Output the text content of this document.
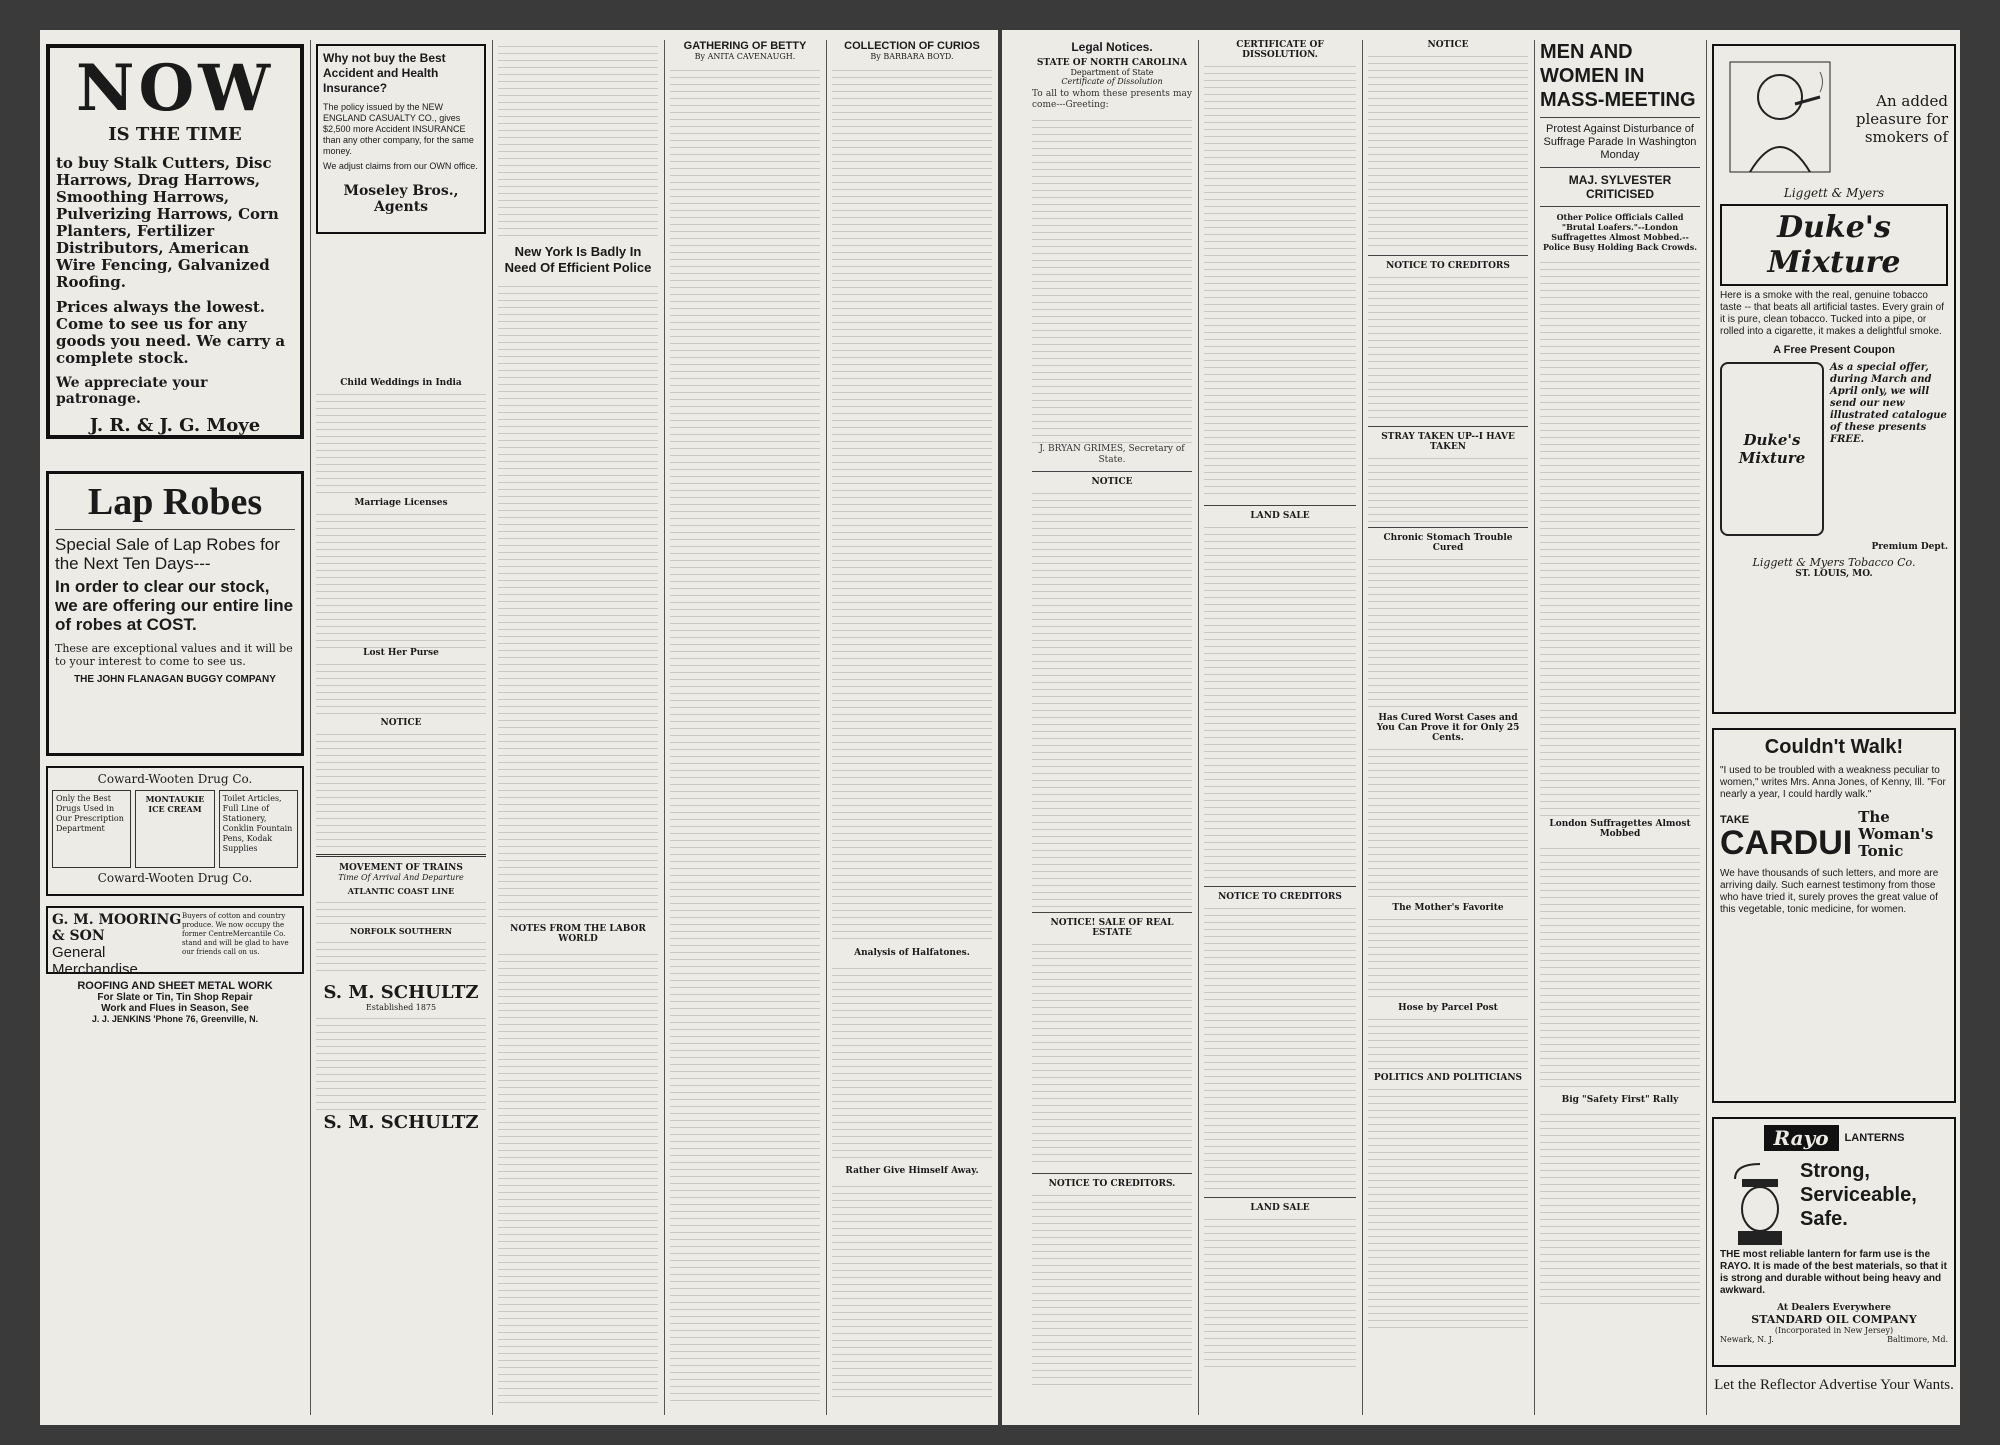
NOW
IS THE TIME

to buy Stalk Cutters, Disc Harrows, Drag Harrows, Smoothing Harrows, Pulverizing Harrows, Corn Planters, Fertilizer Distributors, American Wire Fencing, Galvanized Roofing.

Prices always the lowest. Come to see us for any goods you need. We carry a complete stock.

We appreciate your patronage.

J. R. & J. G. Moye

Lap Robes

Special Sale of Lap Robes for the Next Ten Days---

In order to clear our stock, we are offering our entire line of robes at COST.

These are exceptional values and it will be to your interest to come to see us.

THE JOHN FLANAGAN BUGGY COMPANY

Coward-Wooten Drug Co.
Only the Best Drugs Used in Our Prescription Department
MONTAUKIE ICE CREAM
Toilet Articles, Full Line of Stationery, Conklin Fountain Pens, Kodak Supplies
Coward-Wooten Drug Co.
G. M. MOORING & SON
General Merchandise
Buyers of cotton and country produce. We now occupy the former CentreMercantile Co. stand and will be glad to have our friends call on us.
ROOFING AND SHEET METAL WORK
For Slate or Tin, Tin Shop Repair
Work and Flues in Season, See
J. J. JENKINS 'Phone 76, Greenville, N.

Why not buy the Best Accident and Health Insurance?

The policy issued by the NEW ENGLAND CASUALTY CO., gives $2,500 more Accident INSURANCE than any other company, for the same money.

We adjust claims from our OWN office.

Moseley Bros., Agents

Child Weddings in India
Marriage Licenses
Lost Her Purse
NOTICE
MOVEMENT OF TRAINS
Time Of Arrival And Departure
ATLANTIC COAST LINE
NORFOLK SOUTHERN
S. M. SCHULTZ
Established 1875
S. M. SCHULTZ
New York Is Badly In Need Of Efficient Police
NOTES FROM THE LABOR WORLD
GATHERING OF BETTY
By ANITA CAVENAUGH.
COLLECTION OF CURIOS
By BARBARA BOYD.
Analysis of Halfatones.
Rather Give Himself Away.
Legal Notices.
STATE OF NORTH CAROLINA
Department of State
Certificate of Dissolution
To all to whom these presents may come---Greeting:
J. BRYAN GRIMES, Secretary of State.
NOTICE
NOTICE! SALE OF REAL ESTATE
NOTICE TO CREDITORS.
CERTIFICATE OF DISSOLUTION.
LAND SALE
NOTICE TO CREDITORS
LAND SALE
NOTICE
NOTICE TO CREDITORS
STRAY TAKEN UP--I HAVE TAKEN
Chronic Stomach Trouble Cured
Has Cured Worst Cases and You Can Prove it for Only 25 Cents.
The Mother's Favorite
Hose by Parcel Post
POLITICS AND POLITICIANS
MEN AND WOMEN IN MASS-MEETING
Protest Against Disturbance of Suffrage Parade In Washington Monday
MAJ. SYLVESTER CRITICISED
Other Police Officials Called "Brutal Loafers."--London Suffragettes Almost Mobbed.--Police Busy Holding Back Crowds.
London Suffragettes Almost Mobbed
Big "Safety First" Rally
An added pleasure for smokers of
Liggett & Myers
Duke's Mixture

Here is a smoke with the real, genuine tobacco taste -- that beats all artificial tastes. Every grain of it is pure, clean tobacco. Tucked into a pipe, or rolled into a cigarette, it makes a delightful smoke.

A Free Present Coupon
Duke's Mixture
As a special offer, during March and April only, we will send our new illustrated catalogue of these presents FREE.
Premium Dept.
Liggett & Myers Tobacco Co.
ST. LOUIS, MO.
Couldn't Walk!

"I used to be troubled with a weakness peculiar to women," writes Mrs. Anna Jones, of Kenny, Ill. "For nearly a year, I could hardly walk."

TAKE
CARDUI
The Woman's Tonic

We have thousands of such letters, and more are arriving daily. Such earnest testimony from those who have tried it, surely proves the great value of this vegetable, tonic medicine, for women.

Rayo	LANTERNS
Strong, Serviceable, Safe.

THE most reliable lantern for farm use is the RAYO. It is made of the best materials, so that it is strong and durable without being heavy and awkward.

At Dealers Everywhere
STANDARD OIL COMPANY
(Incorporated in New Jersey)
Newark, N. J.	Baltimore, Md.
Let the Reflector Advertise Your Wants.
